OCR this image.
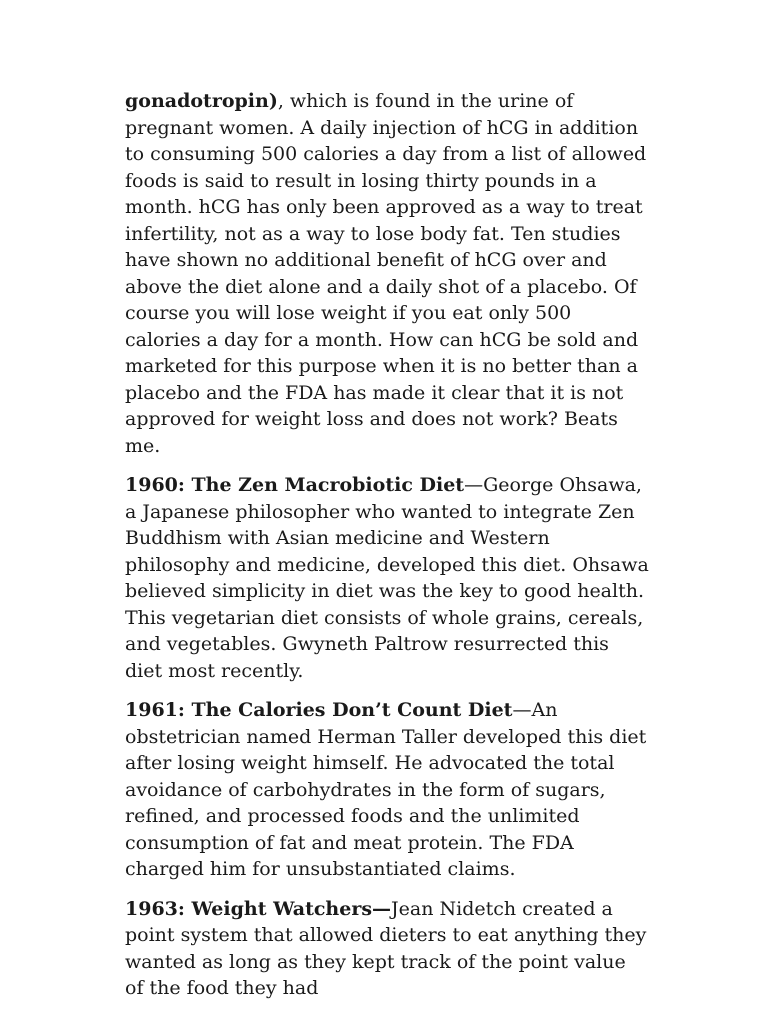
gonadotropin), which is found in the urine of pregnant women. A daily injection of hCG in addition to consuming 500 calories a day from a list of allowed foods is said to result in losing thirty pounds in a month. hCG has only been approved as a way to treat infertility, not as a way to lose body fat. Ten studies have shown no additional benefit of hCG over and above the diet alone and a daily shot of a placebo. Of course you will lose weight if you eat only 500 calories a day for a month. How can hCG be sold and marketed for this purpose when it is no better than a placebo and the FDA has made it clear that it is not approved for weight loss and does not work? Beats me.

1960: The Zen Macrobiotic Diet—George Ohsawa, a Japanese philosopher who wanted to integrate Zen Buddhism with Asian medicine and Western philosophy and medicine, developed this diet. Ohsawa believed simplicity in diet was the key to good health. This vegetarian diet consists of whole grains, cereals, and vegetables. Gwyneth Paltrow resurrected this diet most recently.

1961: The Calories Don’t Count Diet—An obstetrician named Herman Taller developed this diet after losing weight himself. He advocated the total avoidance of carbohydrates in the form of sugars, refined, and processed foods and the unlimited consumption of fat and meat protein. The FDA charged him for unsubstantiated claims.

1963: Weight Watchers—Jean Nidetch created a point system that allowed dieters to eat anything they wanted as long as they kept track of the point value of the food they had
